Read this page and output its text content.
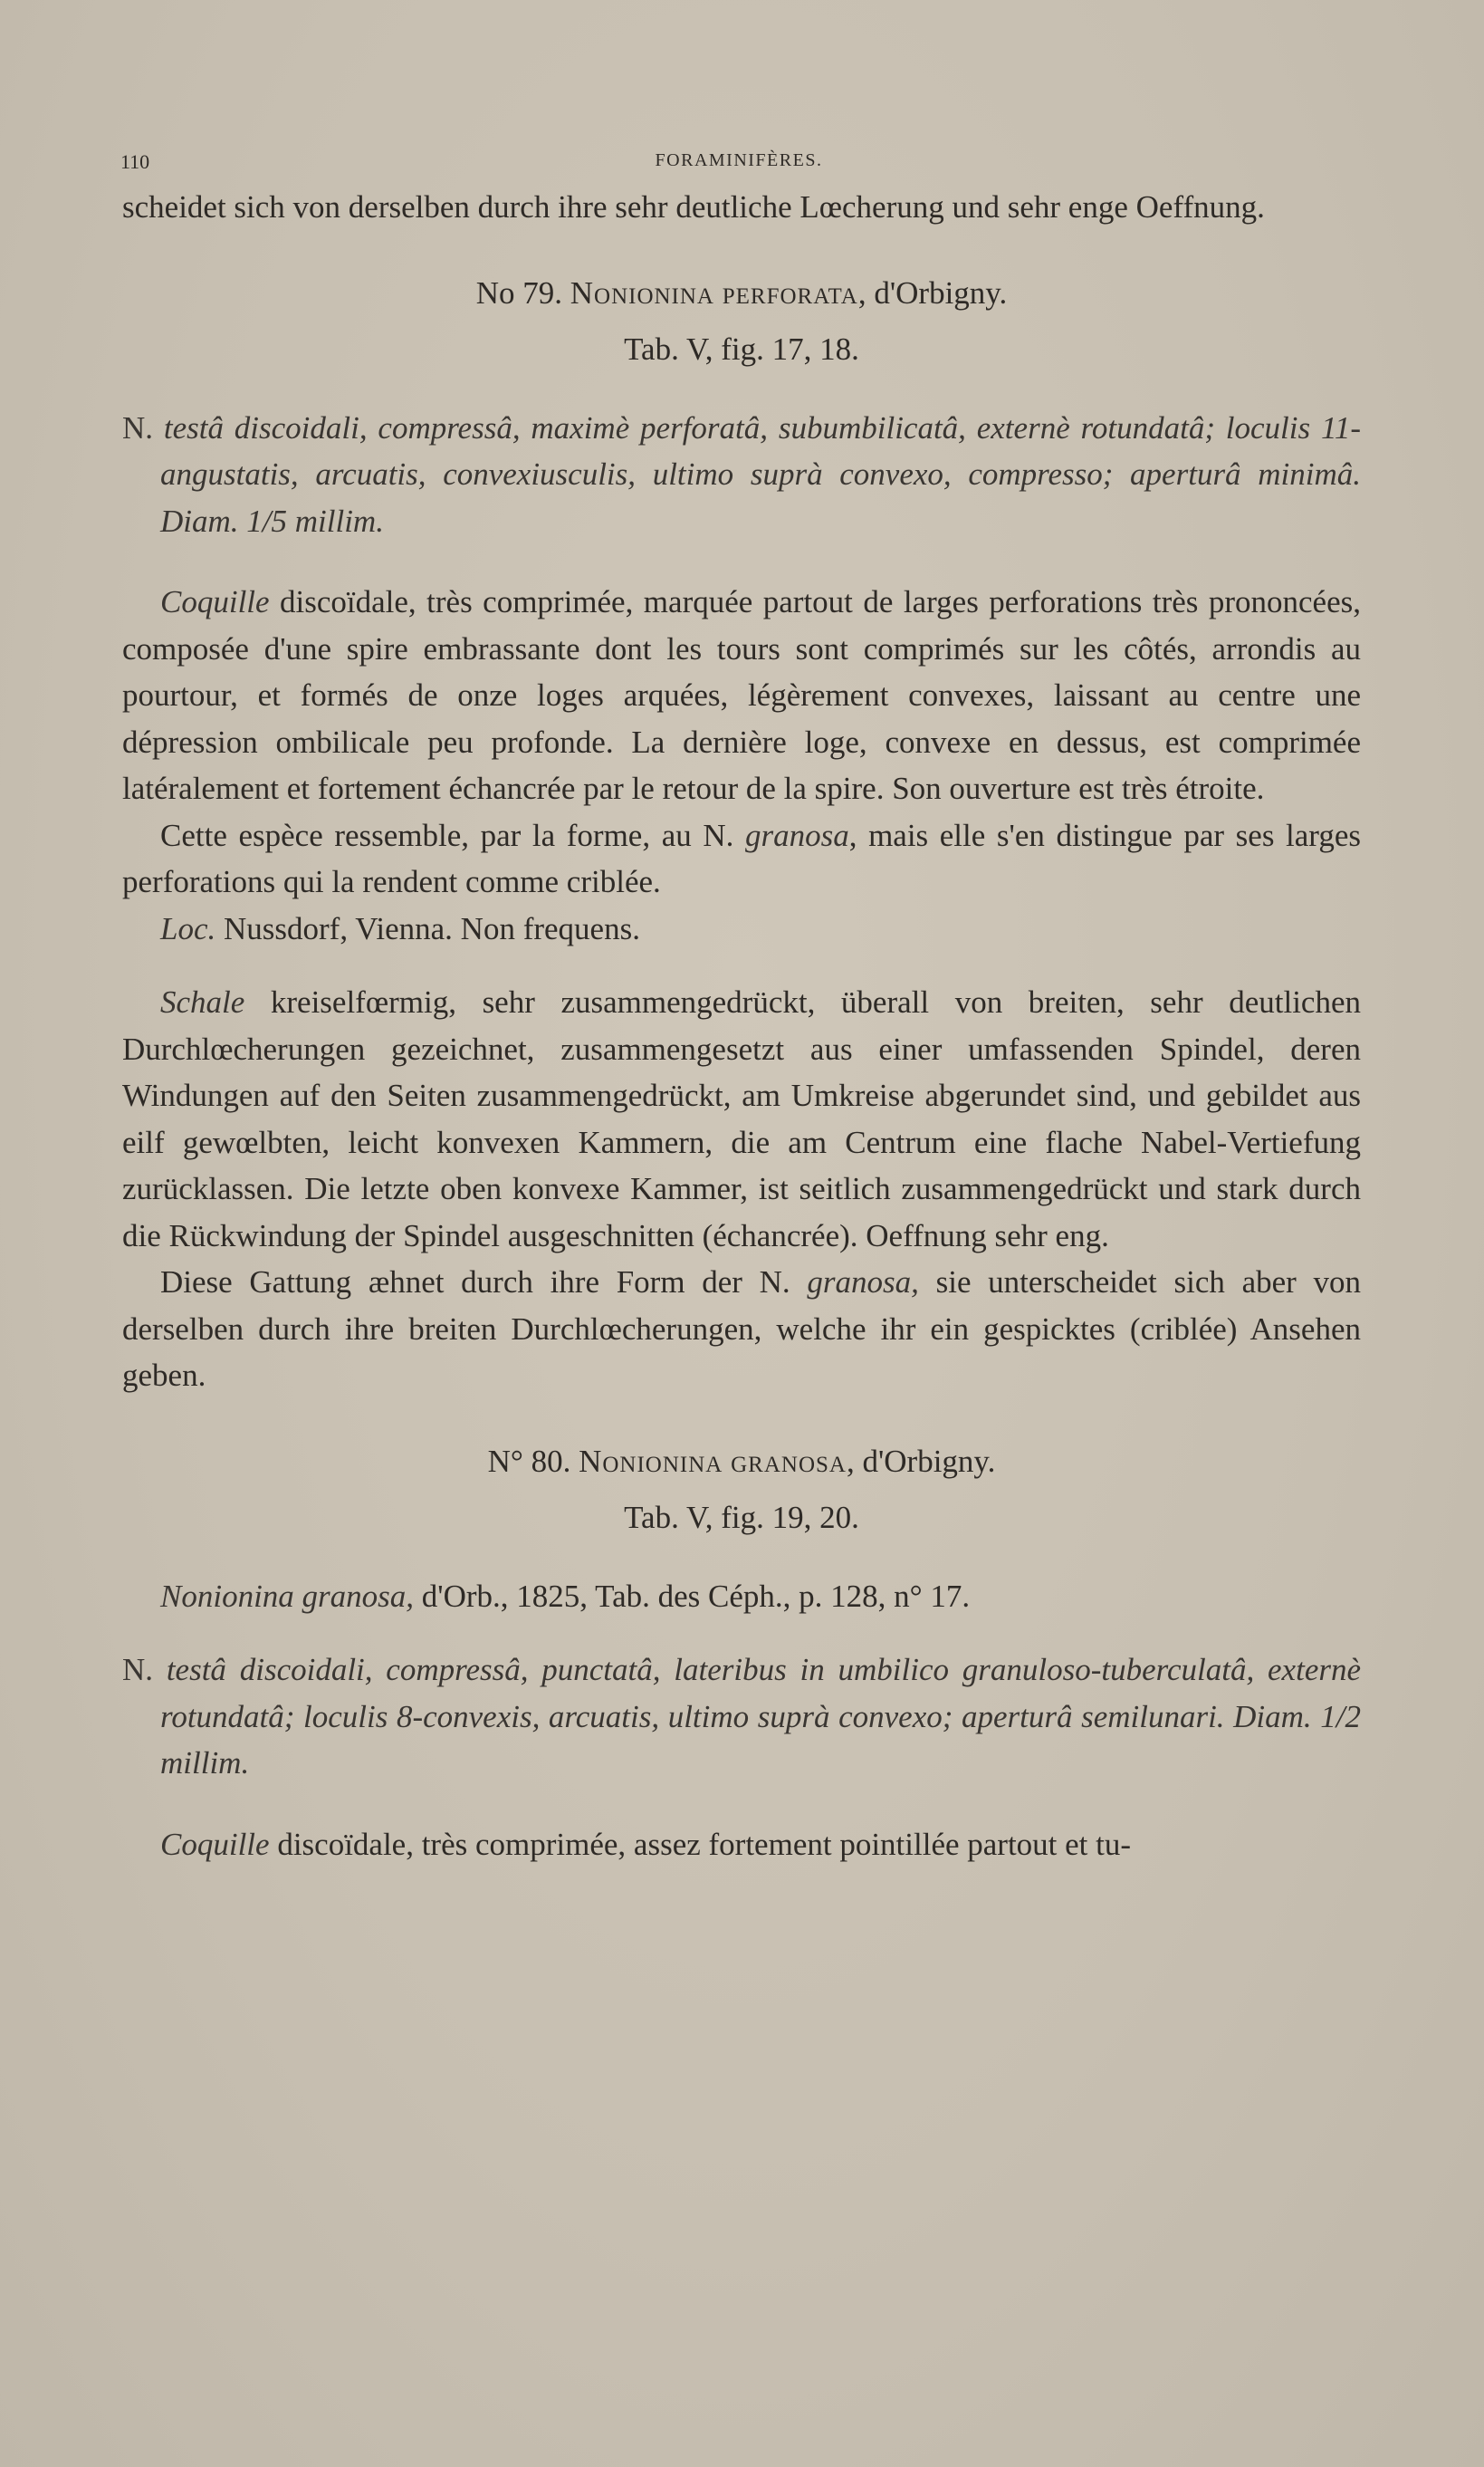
110	FORAMINIFÈRES.

scheidet sich von derselben durch ihre sehr deutliche Lœcherung und sehr enge Oeffnung.

No 79. Nonionina perforata, d'Orbigny.

Tab. V, fig. 17, 18.

N. testâ discoidali, compressâ, maximè perforatâ, subumbilicatâ, externè rotundatâ; loculis 11-angustatis, arcuatis, convexiusculis, ultimo suprà convexo, compresso; aperturâ minimâ. Diam. 1/5 millim.

Coquille discoïdale, très comprimée, marquée partout de larges perforations très prononcées, composée d'une spire embrassante dont les tours sont comprimés sur les côtés, arrondis au pourtour, et formés de onze loges arquées, légèrement convexes, laissant au centre une dépression ombilicale peu profonde. La dernière loge, convexe en dessus, est comprimée latéralement et fortement échancrée par le retour de la spire. Son ouverture est très étroite.

Cette espèce ressemble, par la forme, au N. granosa, mais elle s'en distingue par ses larges perforations qui la rendent comme criblée.

Loc. Nussdorf, Vienna. Non frequens.

Schale kreiselfœrmig, sehr zusammengedrückt, überall von breiten, sehr deutlichen Durchlœcherungen gezeichnet, zusammengesetzt aus einer umfassenden Spindel, deren Windungen auf den Seiten zusammengedrückt, am Umkreise abgerundet sind, und gebildet aus eilf gewœlbten, leicht konvexen Kammern, die am Centrum eine flache Nabel-Vertiefung zurücklassen. Die letzte oben konvexe Kammer, ist seitlich zusammengedrückt und stark durch die Rückwindung der Spindel ausgeschnitten (échancrée). Oeffnung sehr eng.

Diese Gattung æhnet durch ihre Form der N. granosa, sie unterscheidet sich aber von derselben durch ihre breiten Durchlœcherungen, welche ihr ein gespicktes (criblée) Ansehen geben.

N° 80. Nonionina granosa, d'Orbigny.

Tab. V, fig. 19, 20.

Nonionina granosa, d'Orb., 1825, Tab. des Céph., p. 128, n° 17.

N. testâ discoidali, compressâ, punctatâ, lateribus in umbilico granuloso-tuberculatâ, externè rotundatâ; loculis 8-convexis, arcuatis, ultimo suprà convexo; aperturâ semilunari. Diam. 1/2 millim.

Coquille discoïdale, très comprimée, assez fortement pointillée partout et tu-
